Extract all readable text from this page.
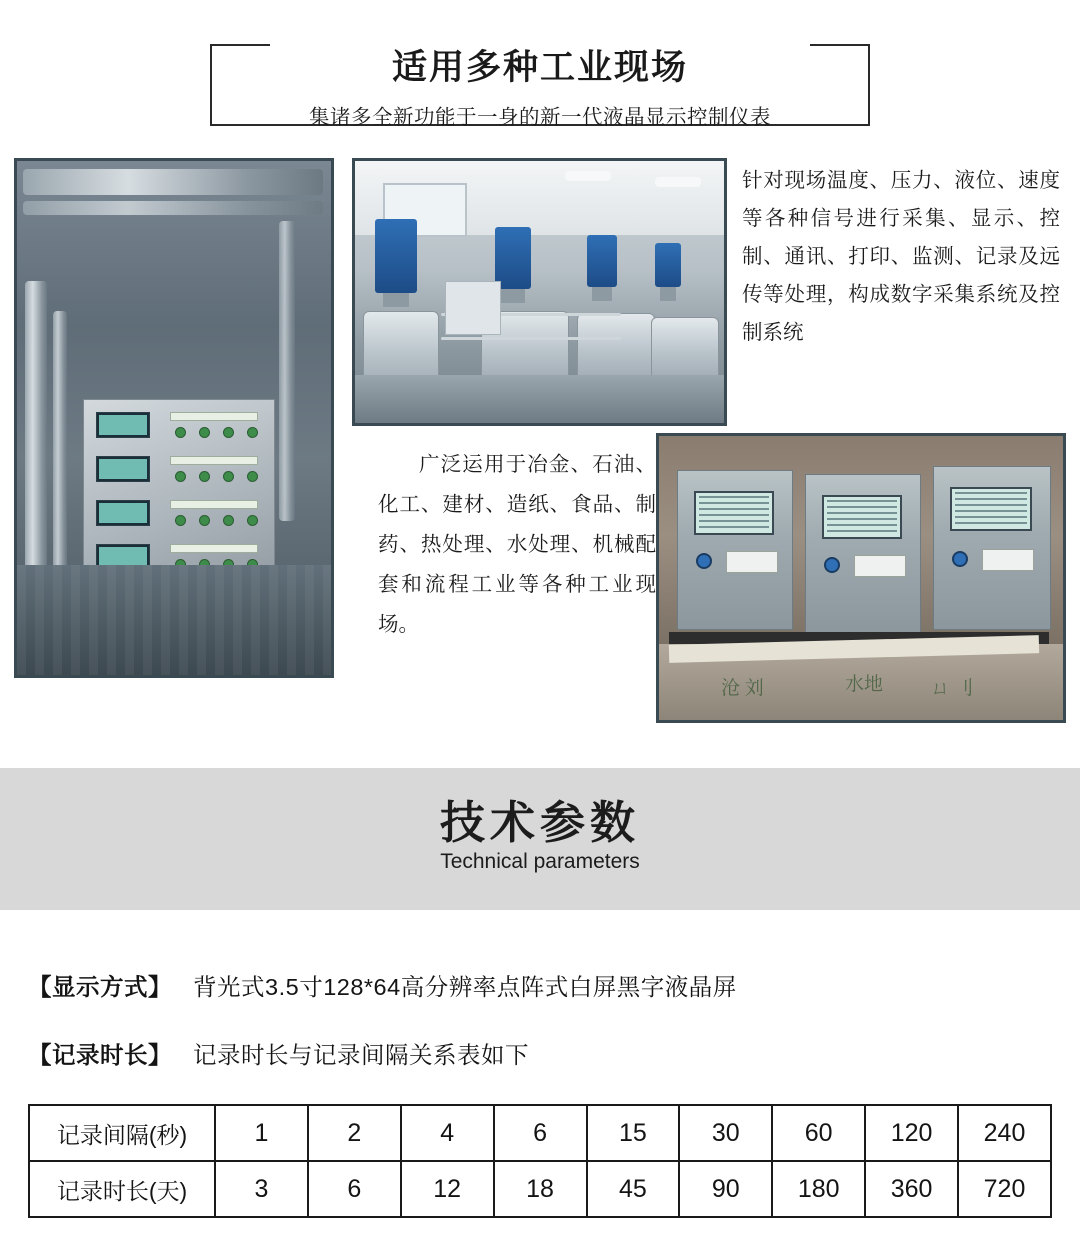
适用多种工业现场
集诸多全新功能于一身的新一代液晶显示控制仪表
针对现场温度、压力、液位、速度等各种信号进行采集、显示、控制、通讯、打印、监测、记录及远传等处理，构成数字采集系统及控制系统
广泛运用于冶金、石油、化工、建材、造纸、食品、制药、热处理、水处理、机械配套和流程工业等各种工业现场。
沧 刘	水地	ㄩ 刂
技术参数
Technical parameters
【显示方式】 背光式3.5寸128*64高分辨率点阵式白屏黑字液晶屏
【记录时长】 记录时长与记录间隔关系表如下
记录间隔(秒)	1	2	4	6	15	30	60	120	240
记录时长(天)	3	6	12	18	45	90	180	360	720
